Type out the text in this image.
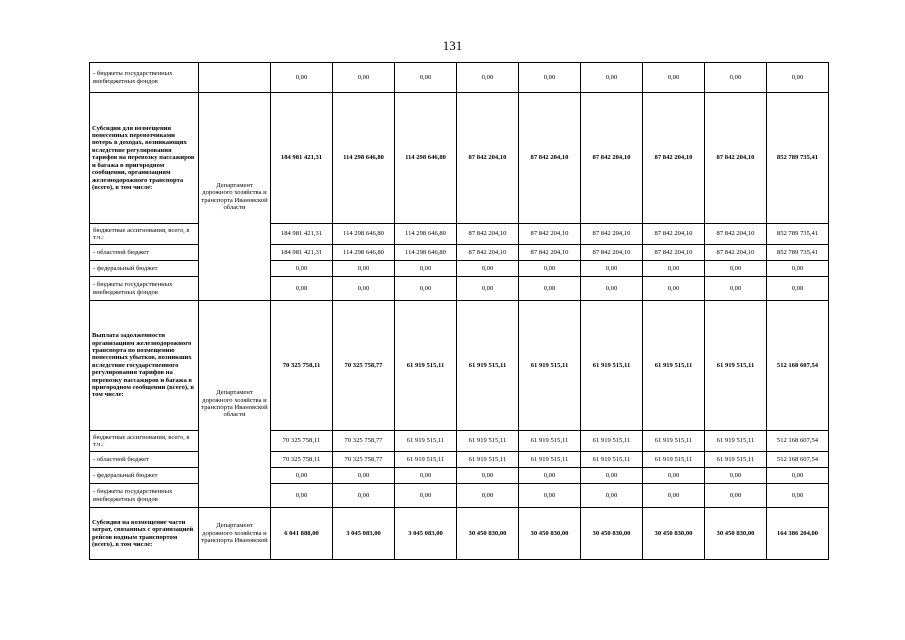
131
- бюджеты государственных внебюджетных фондов		0,00	0,00	0,00	0,00	0,00	0,00	0,00	0,00	0,00
Субсидии для возмещения понесенных перевозчиками потерь в доходах, возникающих вследствие регулирования тарифов на перевозку пассажиров и багажа в пригородном сообщении, организациям железнодорожного транспорта (всего), в том числе:	Департамент дорожного хозяйства и транспорта Ивановской области	184 981 421,31	114 298 646,80	114 298 646,80	87 842 204,10	87 842 204,10	87 842 204,10	87 842 204,10	87 842 204,10	852 789 735,41
бюджетные ассигнования, всего, в т.ч.:		184 981 421,31	114 298 646,80	114 298 646,80	87 842 204,10	87 842 204,10	87 842 204,10	87 842 204,10	87 842 204,10	852 789 735,41
- областной бюджет		184 981 421,31	114 298 646,80	114 298 646,80	87 842 204,10	87 842 204,10	87 842 204,10	87 842 204,10	87 842 204,10	852 789 735,41
- федеральный бюджет		0,00	0,00	0,00	0,00	0,00	0,00	0,00	0,00	0,00
- бюджеты государственных внебюджетных фондов		0,00	0,00	0,00	0,00	0,00	0,00	0,00	0,00	0,00
Выплата задолженности организациям железнодорожного транспорта по возмещению понесенных убытков, возникших вследствие государственного регулирования тарифов на перевозку пассажиров и багажа в пригородном сообщении (всего), в том числе:	Департамент дорожного хозяйства и транспорта Ивановской области	70 325 758,11	70 325 758,77	61 919 515,11	61 919 515,11	61 919 515,11	61 919 515,11	61 919 515,11	61 919 515,11	512 168 607,54
бюджетные ассигнования, всего, в т.ч.:		70 325 758,11	70 325 758,77	61 919 515,11	61 919 515,11	61 919 515,11	61 919 515,11	61 919 515,11	61 919 515,11	512 168 607,54
- областной бюджет		70 325 758,11	70 325 758,77	61 919 515,11	61 919 515,11	61 919 515,11	61 919 515,11	61 919 515,11	61 919 515,11	512 168 607,54
- федеральный бюджет		0,00	0,00	0,00	0,00	0,00	0,00	0,00	0,00	0,00
- бюджеты государственных внебюджетных фондов		0,00	0,00	0,00	0,00	0,00	0,00	0,00	0,00	0,00
Субсидия на возмещение части затрат, связанных с организацией рейсов водным транспортом (всего), в том числе:	Департамент дорожного хозяйства и транспорта Ивановской	6 041 888,00	3 045 083,00	3 045 083,00	30 450 830,00	30 450 830,00	30 450 830,00	30 450 830,00	30 450 830,00	164 386 204,00
